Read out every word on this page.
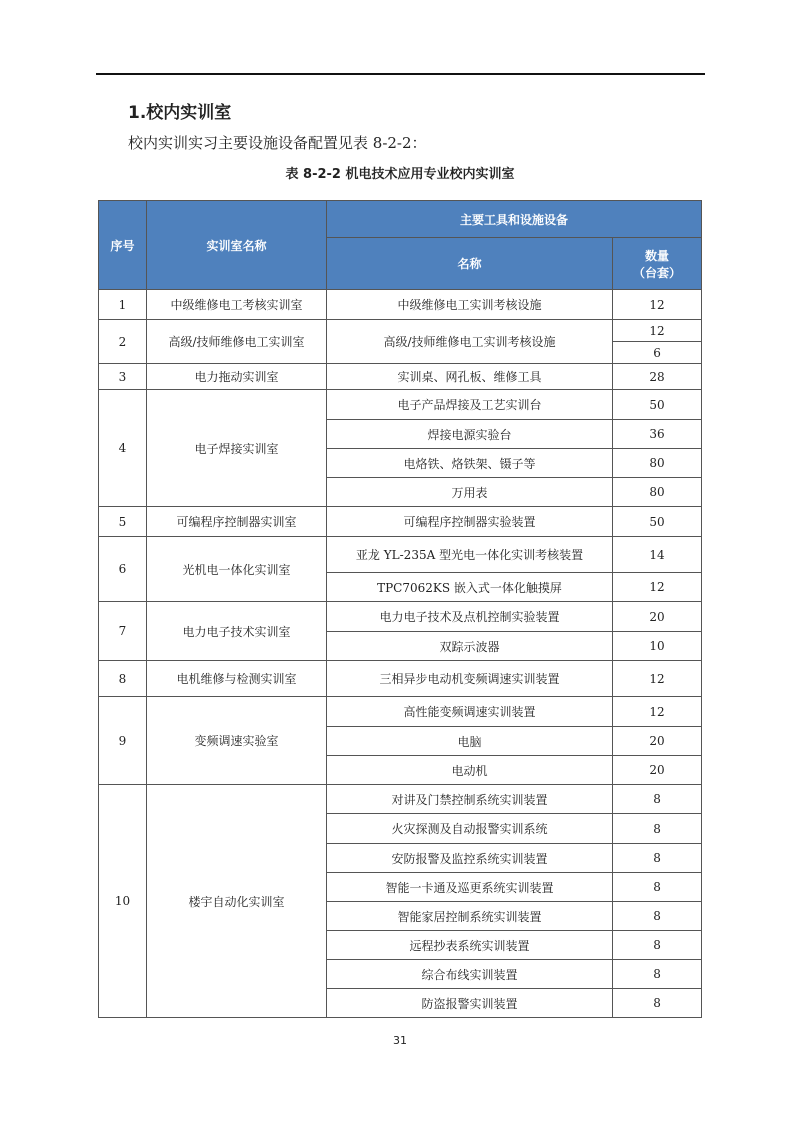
1.校内实训室
校内实训实习主要设施设备配置见表 8-2-2：
表 8-2-2 机电技术应用专业校内实训室
序号	实训室名称	主要工具和设施设备	
		名称	数量
（台套）

1	中级维修电工考核实训室	中级维修电工实训考核设施	12
2	高级/技师维修电工实训室	高级/技师维修电工实训考核设施	12
			6
3	电力拖动实训室	实训桌、网孔板、维修工具	28
4	电子焊接实训室	电子产品焊接及工艺实训台	50
		焊接电源实验台	36
		电烙铁、烙铁架、镊子等	80
		万用表	80
5	可编程序控制器实训室	可编程序控制器实验装置	50
6	光机电一体化实训室	亚龙 YL-235A 型光电一体化实训考核装置	14
		TPC7062KS 嵌入式一体化触摸屏	12
7	电力电子技术实训室	电力电子技术及点机控制实验装置	20
		双踪示波器	10
8	电机维修与检测实训室	三相异步电动机变频调速实训装置	12
9	变频调速实验室	高性能变频调速实训装置	12
		电脑	20
		电动机	20
10	楼宇自动化实训室	对讲及门禁控制系统实训装置	8
		火灾探测及自动报警实训系统	8
		安防报警及监控系统实训装置	8
		智能一卡通及巡更系统实训装置	8
		智能家居控制系统实训装置	8
		远程抄表系统实训装置	8
		综合布线实训装置	8
		防盗报警实训装置	8
31
